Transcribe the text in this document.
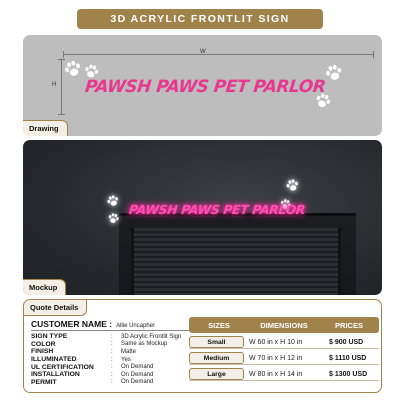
3D ACRYLIC FRONTLIT SIGN
W
H PAWSH PAWS PET PARLOR
Drawing
PAWSH PAWS PET PARLOR
Mockup
Quote Details
CUSTOMER NAME : Allie Uncapher
SIGN TYPE	:	3D Acrylic Frontlit Sign
COLOR	:	Same as Mockup
FINISH	:	Matte
ILLUMINATED	:	Yes
UL CERTIFICATION	:	On Demand
INSTALLATION	:	On Demand
PERMIT	:	On Demand
SIZES	DIMENSIONS	PRICES
Small	W 60 in x H 10 in	$ 900 USD
Medium	W 70 in x H 12 in	$ 1110 USD
Large	W 80 in x H 14 in	$ 1300 USD
